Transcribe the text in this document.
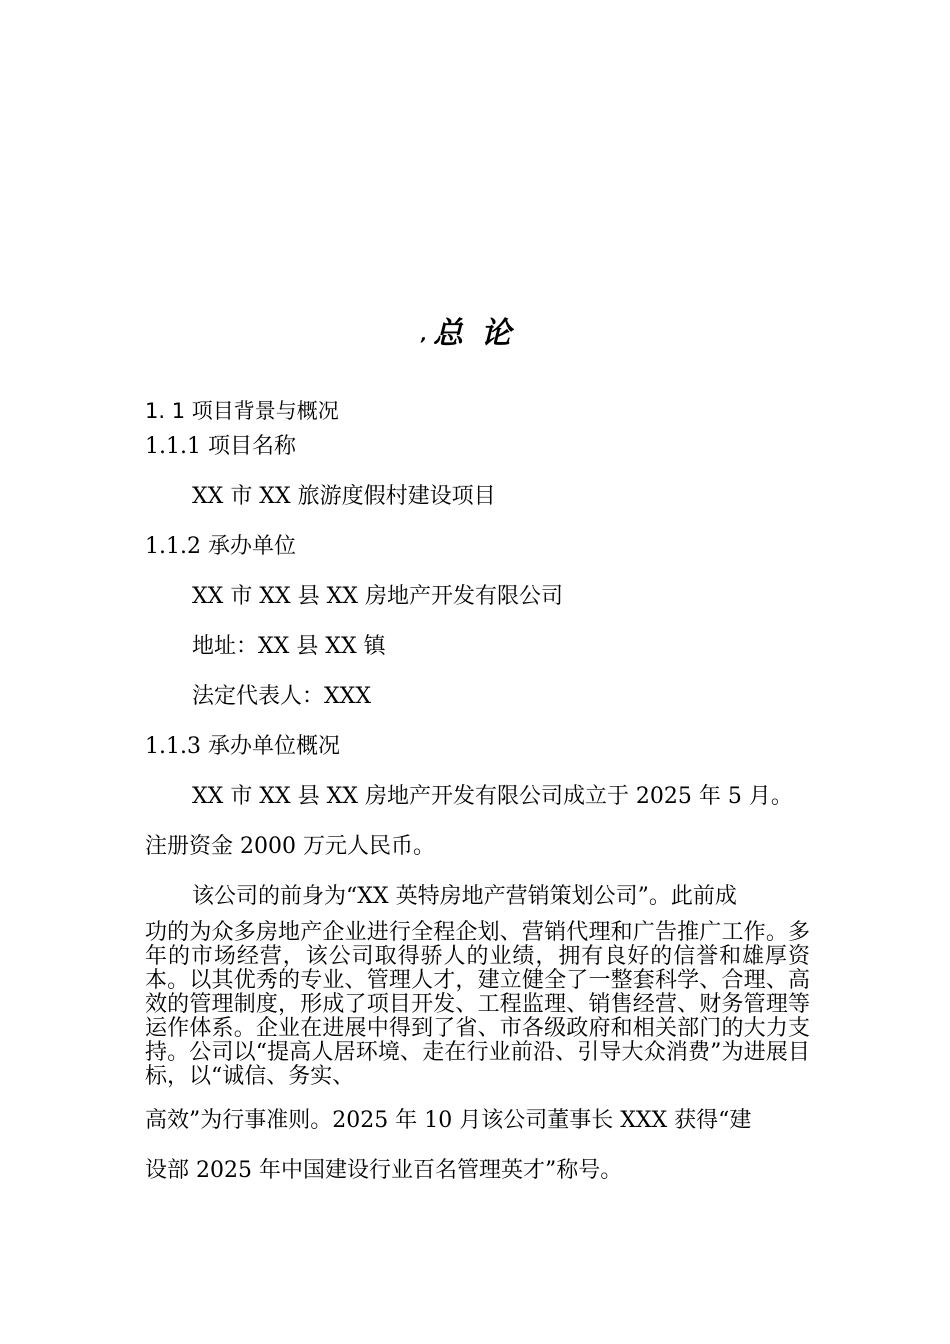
,总论
1. 1 项目背景与概况
1.1.1 项目名称
XX 市 XX 旅游度假村建设项目
1.1.2 承办单位
XX 市 XX 县 XX 房地产开发有限公司
地址：XX 县 XX 镇
法定代表人：XXX
1.1.3 承办单位概况
XX 市 XX 县 XX 房地产开发有限公司成立于 2025 年 5 月。
注册资金 2000 万元人民币。
该公司的前身为“XX 英特房地产营销策划公司”。此前成
功的为众多房地产企业进行全程企划、营销代理和广告推广工作。多年的市场经营，该公司取得骄人的业绩，拥有良好的信誉和雄厚资本。以其优秀的专业、管理人才，建立健全了一整套科学、合理、高效的管理制度，形成了项目开发、工程监理、销售经营、财务管理等运作体系。企业在进展中得到了省、市各级政府和相关部门的大力支持。公司以“提高人居环境、走在行业前沿、引导大众消费”为进展目标，以“诚信、务实、
高效”为行事准则。2025 年 10 月该公司董事长 XXX 获得“建
设部 2025 年中国建设行业百名管理英才”称号。
